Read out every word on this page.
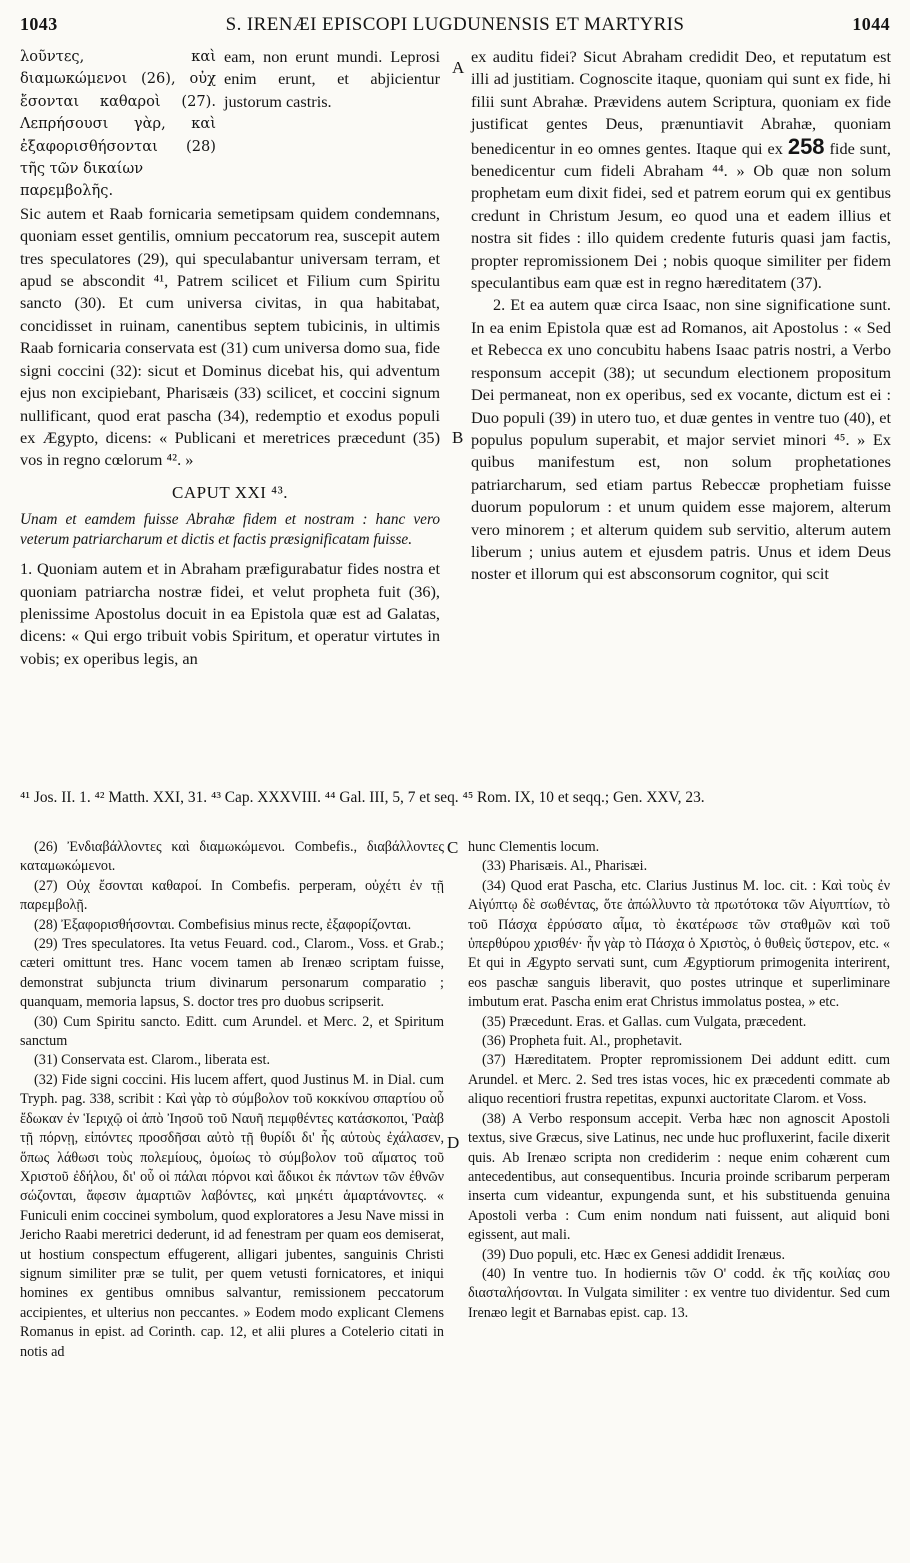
1043	S. IRENÆI EPISCOPI LUGDUNENSIS ET MARTYRIS	1044
A
B
C
D
λοῦντες, καὶ διαμωκώμενοι (26), οὐχ ἔσονται καθαροὶ (27). Λεπρήσουσι γὰρ, καὶ ἐξαφορισθήσονται (28) τῆς τῶν δικαίων
eam, non erunt mundi. Leprosi enim erunt, et abjicientur justorum castris.
παρεμβολῆς.

Sic autem et Raab fornicaria semetipsam quidem condemnans, quoniam esset gentilis, omnium peccatorum rea, suscepit autem tres speculatores (29), qui speculabantur universam terram, et apud se abscondit ⁴¹, Patrem scilicet et Filium cum Spiritu sancto (30). Et cum universa civitas, in qua habitabat, concidisset in ruinam, canentibus septem tubicinis, in ultimis Raab fornicaria conservata est (31) cum universa domo sua, fide signi coccini (32): sicut et Dominus dicebat his, qui adventum ejus non excipiebant, Pharisæis (33) scilicet, et coccini signum nullificant, quod erat pascha (34), redemptio et exodus populi ex Ægypto, dicens: « Publicani et meretrices præcedunt (35) vos in regno cœlorum ⁴². »

CAPUT XXI ⁴³.
Unam et eamdem fuisse Abrahæ fidem et nostram : hanc vero veterum patriarcharum et dictis et factis præsignificatam fuisse.

1. Quoniam autem et in Abraham præfigurabatur fides nostra et quoniam patriarcha nostræ fidei, et velut propheta fuit (36), plenissime Apostolus docuit in ea Epistola quæ est ad Galatas, dicens: « Qui ergo tribuit vobis Spiritum, et operatur virtutes in vobis; ex operibus legis, an

ex auditu fidei? Sicut Abraham credidit Deo, et reputatum est illi ad justitiam. Cognoscite itaque, quoniam qui sunt ex fide, hi filii sunt Abrahæ. Prævidens autem Scriptura, quoniam ex fide justificat gentes Deus, prænuntiavit Abrahæ, quoniam benedicentur in eo omnes gentes. Itaque qui ex 258 fide sunt, benedicentur cum fideli Abraham ⁴⁴. » Ob quæ non solum prophetam eum dixit fidei, sed et patrem eorum qui ex gentibus credunt in Christum Jesum, eo quod una et eadem illius et nostra sit fides : illo quidem credente futuris quasi jam factis, propter repromissionem Dei ; nobis quoque similiter per fidem speculantibus eam quæ est in regno hæreditatem (37).

2. Et ea autem quæ circa Isaac, non sine significatione sunt. In ea enim Epistola quæ est ad Romanos, ait Apostolus : « Sed et Rebecca ex uno concubitu habens Isaac patris nostri, a Verbo responsum accepit (38); ut secundum electionem propositum Dei permaneat, non ex operibus, sed ex vocante, dictum est ei : Duo populi (39) in utero tuo, et duæ gentes in ventre tuo (40), et populus populum superabit, et major serviet minori ⁴⁵. » Ex quibus manifestum est, non solum prophetationes patriarcharum, sed etiam partus Rebeccæ prophetiam fuisse duorum populorum : et unum quidem esse majorem, alterum vero minorem ; et alterum quidem sub servitio, alterum autem liberum ; unius autem et ejusdem patris. Unus et idem Deus noster et illorum qui est absconsorum cognitor, qui scit

⁴¹ Jos. II. 1. ⁴² Matth. XXI, 31. ⁴³ Cap. XXXVIII. ⁴⁴ Gal. III, 5, 7 et seq. ⁴⁵ Rom. IX, 10 et seqq.; Gen. XXV, 23.

(26) Ἐνδιαβάλλοντες καὶ διαμωκώμενοι. Combefis., διαβάλλοντες καταμωκώμενοι.

(27) Οὐχ ἔσονται καθαροί. In Combefis. perperam, οὐχέτι ἐν τῇ παρεμβολῇ.

(28) Ἐξαφορισθήσονται. Combefisius minus recte, ἐξαφορίζονται.

(29) Tres speculatores. Ita vetus Feuard. cod., Clarom., Voss. et Grab.; cæteri omittunt tres. Hanc vocem tamen ab Irenæo scriptam fuisse, demonstrat subjuncta trium divinarum personarum comparatio ; quanquam, memoria lapsus, S. doctor tres pro duobus scripserit.

(30) Cum Spiritu sancto. Editt. cum Arundel. et Merc. 2, et Spiritum sanctum

(31) Conservata est. Clarom., liberata est.

(32) Fide signi coccini. His lucem affert, quod Justinus M. in Dial. cum Tryph. pag. 338, scribit : Καὶ γὰρ τὸ σύμβολον τοῦ κοκκίνου σπαρτίου οὗ ἔδωκαν ἐν Ἱεριχῷ οἱ ἀπὸ Ἰησοῦ τοῦ Ναυῆ πεμφθέντες κατάσκοποι, Ῥαὰβ τῇ πόρνῃ, εἰπόντες προσδῆσαι αὐτὸ τῇ θυρίδι δι' ἧς αὐτοὺς ἐχάλασεν, ὅπως λάθωσι τοὺς πολεμίους, ὁμοίως τὸ σύμβολον τοῦ αἵματος τοῦ Χριστοῦ ἐδήλου, δι' οὗ οἱ πάλαι πόρνοι καὶ ἄδικοι ἐκ πάντων τῶν ἐθνῶν σώζονται, ἄφεσιν ἁμαρτιῶν λαβόντες, καὶ μηκέτι ἁμαρτάνοντες. « Funiculi enim coccinei symbolum, quod exploratores a Jesu Nave missi in Jericho Raabi meretrici dederunt, id ad fenestram per quam eos demiserat, ut hostium conspectum effugerent, alligari jubentes, sanguinis Christi signum similiter præ se tulit, per quem vetusti fornicatores, et iniqui homines ex gentibus omnibus salvantur, remissionem peccatorum accipientes, et ulterius non peccantes. » Eodem modo explicant Clemens Romanus in epist. ad Corinth. cap. 12, et alii plures a Cotelerio citati in notis ad

hunc Clementis locum.

(33) Pharisæis. Al., Pharisæi.

(34) Quod erat Pascha, etc. Clarius Justinus M. loc. cit. : Καὶ τοὺς ἐν Αἰγύπτῳ δὲ σωθέντας, ὅτε ἀπώλλυντο τὰ πρωτότοκα τῶν Αἰγυπτίων, τὸ τοῦ Πάσχα ἐρρύσατο αἷμα, τὸ ἑκατέρωσε τῶν σταθμῶν καὶ τοῦ ὑπερθύρου χρισθέν· ἦν γὰρ τὸ Πάσχα ὁ Χριστὸς, ὁ θυθεὶς ὕστερον, etc. « Et qui in Ægypto servati sunt, cum Ægyptiorum primogenita interirent, eos paschæ sanguis liberavit, quo postes utrinque et superliminare imbutum erat. Pascha enim erat Christus immolatus postea, » etc.

(35) Præcedunt. Eras. et Gallas. cum Vulgata, præcedent.

(36) Propheta fuit. Al., prophetavit.

(37) Hæreditatem. Propter repromissionem Dei addunt editt. cum Arundel. et Merc. 2. Sed tres istas voces, hic ex præcedenti commate ab aliquo recentiori frustra repetitas, expunxi auctoritate Clarom. et Voss.

(38) A Verbo responsum accepit. Verba hæc non agnoscit Apostoli textus, sive Græcus, sive Latinus, nec unde huc profluxerint, facile dixerit quis. Ab Irenæo scripta non crediderim : neque enim cohærent cum antecedentibus, aut consequentibus. Incuria proinde scribarum perperam inserta cum videantur, expungenda sunt, et his substituenda genuina Apostoli verba : Cum enim nondum nati fuissent, aut aliquid boni egissent, aut mali.

(39) Duo populi, etc. Hæc ex Genesi addidit Irenæus.

(40) In ventre tuo. In hodiernis τῶν Ο' codd. ἐκ τῆς κοιλίας σου διασταλήσονται. In Vulgata similiter : ex ventre tuo dividentur. Sed cum Irenæo legit et Barnabas epist. cap. 13.
